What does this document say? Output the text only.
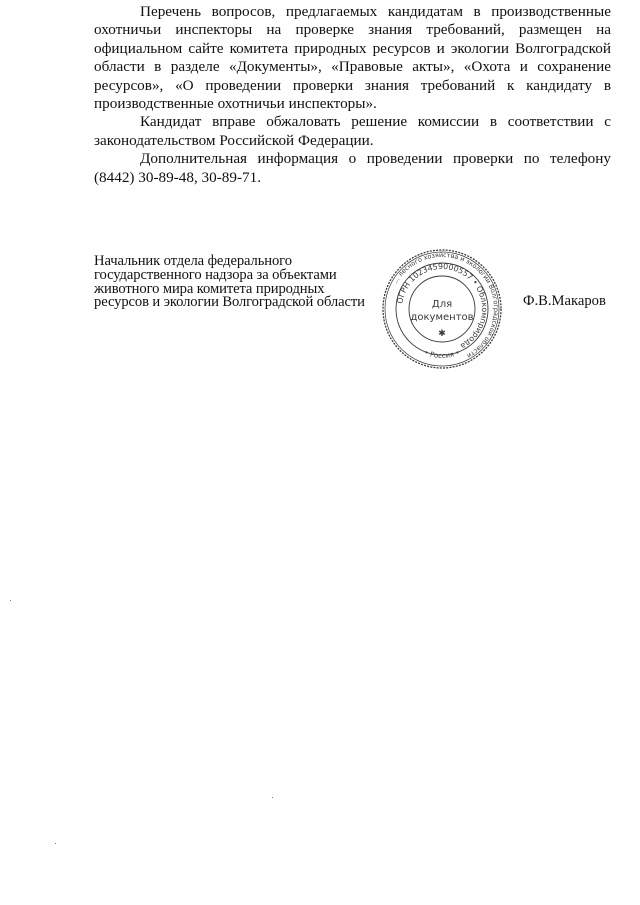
Перечень вопросов, предлагаемых кандидатам в производственные охотничьи инспекторы на проверке знания требований, размещен на официальном сайте комитета природных ресурсов и экологии Волгоградской области в разделе «Документы», «Правовые акты», «Охота и сохранение ресурсов», «О проведении проверки знания требований к кандидату в производственные охотничьи инспекторы».

Кандидат вправе обжаловать решение комиссии в соответствии с законодательством Российской Федерации.

Дополнительная информация о проведении проверки по телефону (8442) 30-89-48, 30-89-71.

Начальник отдела федерального
государственного надзора за объектами
животного мира комитета природных
ресурсов и экологии Волгоградской области	Ф.В.Макаров
… лесного хозяйства и экологии Волгоградской области
ОГРН 1023459000557 • Облкомприрода
• Россия •
Для
документов
✱
